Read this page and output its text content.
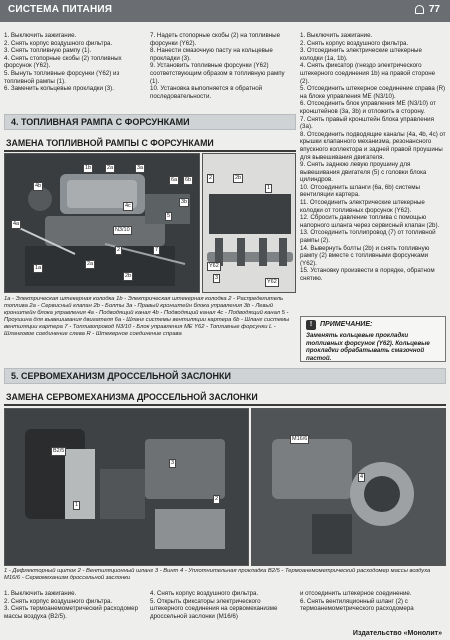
СИСТЕМА ПИТАНИЯ	77

1. Выключить зажигание.

2. Снять корпус воздушного фильтра.

3. Снять топливную рампу (1).

4. Снять стопорные скобы (2) топливных форсунок (Y62).

5. Вынуть топливные форсунки (Y62) из топливной рампы (1).

6. Заменить кольцевые прокладки (3).

7. Надеть стопорные скобы (2) на топливные форсунки (Y62).

8. Нанести смазочную пасту на кольцевые прокладки (3).

9. Установить топливные форсунки (Y62) соответствующим образом в топливную рампу (1).

10. Установка выполняется в обратной последовательности.

1. Выключить зажигание.

2. Снять корпус воздушного фильтра.

3. Отсоединить электрические штекерные колодки (1a, 1b).

4. Снять фиксатор (гнездо электрического штекерного соединения 1b) на правой стороне (2).

5. Отсоединить штекерное соединение справа (R) на блоке управления ME (N3/10).

6. Отсоединить блок управления ME (N3/10) от кронштейнов (3a, 3b) и отложить в сторону.

7. Снять правый кронштейн блока управления (3a).

8. Отсоединить подводящие каналы (4a, 4b, 4c) от крышки клапанного механизма, резонансного впускного коллектора и задней правой проушины для вывешивания двигателя.

9. Снять заднюю левую проушину для вывешивания двигателя (5) с головки блока цилиндров.

10. Отсоединить шланги (6a, 6b) системы вентиляции картера.

11. Отсоединить электрические штекерные колодки от топливных форсунок (Y62).

12. Сбросить давление топлива с помощью напорного шланга через сервисный клапан (2b).

13. Отсоединить топлипровод (7) от топливной рампы (2).

14. Вывернуть болты (2b) и снять топливную рампу (2) вместе с топливными форсунками (Y62).

15. Установку произвести в порядке, обратном снятию.

4. ТОПЛИВНАЯ РАМПА С ФОРСУНКАМИ
ЗАМЕНА ТОПЛИВНОЙ РАМПЫ С ФОРСУНКАМИ
4b
4a
1b	2a	3a
6a	6b
3b
4c
5
N3/10
1a
2	7
2b
2a
2	2b
1
3
Y62
Y62
1a - Электрическая штекерная колодка 1b - Электрическая штекерная колодка 2 - Распределитель топлива 2a - Сервисный клапан 2b - Болты 3a - Правый кронштейн блока управления 3b - Левый кронштейн блока управления 4a - Подводящий канал 4b - Подводящий канал 4c - Подводящий канал 5 - Проушина для вывешивания двигателя 6a - Шланг системы вентиляции картера 6b - Шланг системы вентиляции картера 7 - Топливопровод N3/10 - Блок управления ME Y62 - Топливные форсунки L - Шланговое соединение слева R - Штекерное соединение справа
!	ПРИМЕЧАНИЕ:
Заменять кольцевые прокладки топливных форсунок (Y62). Кольцевые прокладки обрабатывать смазочной пастой.
5. СЕРВОМЕХАНИЗМ ДРОССЕЛЬНОЙ ЗАСЛОНКИ
ЗАМЕНА СЕРВОМЕХАНИЗМА ДРОССЕЛЬНОЙ ЗАСЛОНКИ
B2/5
1
3
2
M16/6
4
1 - Дефлекторный щиток 2 - Вентиляционный шланг 3 - Винт 4 - Уплотнительная прокладка B2/5 - Термоанемометрический расходомер массы воздуха M16/6 - Сервомеханизм дроссельной заслонки

1. Выключить зажигание.

2. Снять корпус воздушного фильтра.

3. Снять термоанемометрический расходомер массы воздуха (B2/5).

4. Снять корпус воздушного фильтра.

5. Открыть фиксаторы электрического штекерного соединения на сервомеханизме дроссельной заслонки (M16/6)

и отсоединить штекерное соединение.

6. Снять вентиляционный шланг (2) с термоанемометрического расходомера

Издательство «Монолит»
